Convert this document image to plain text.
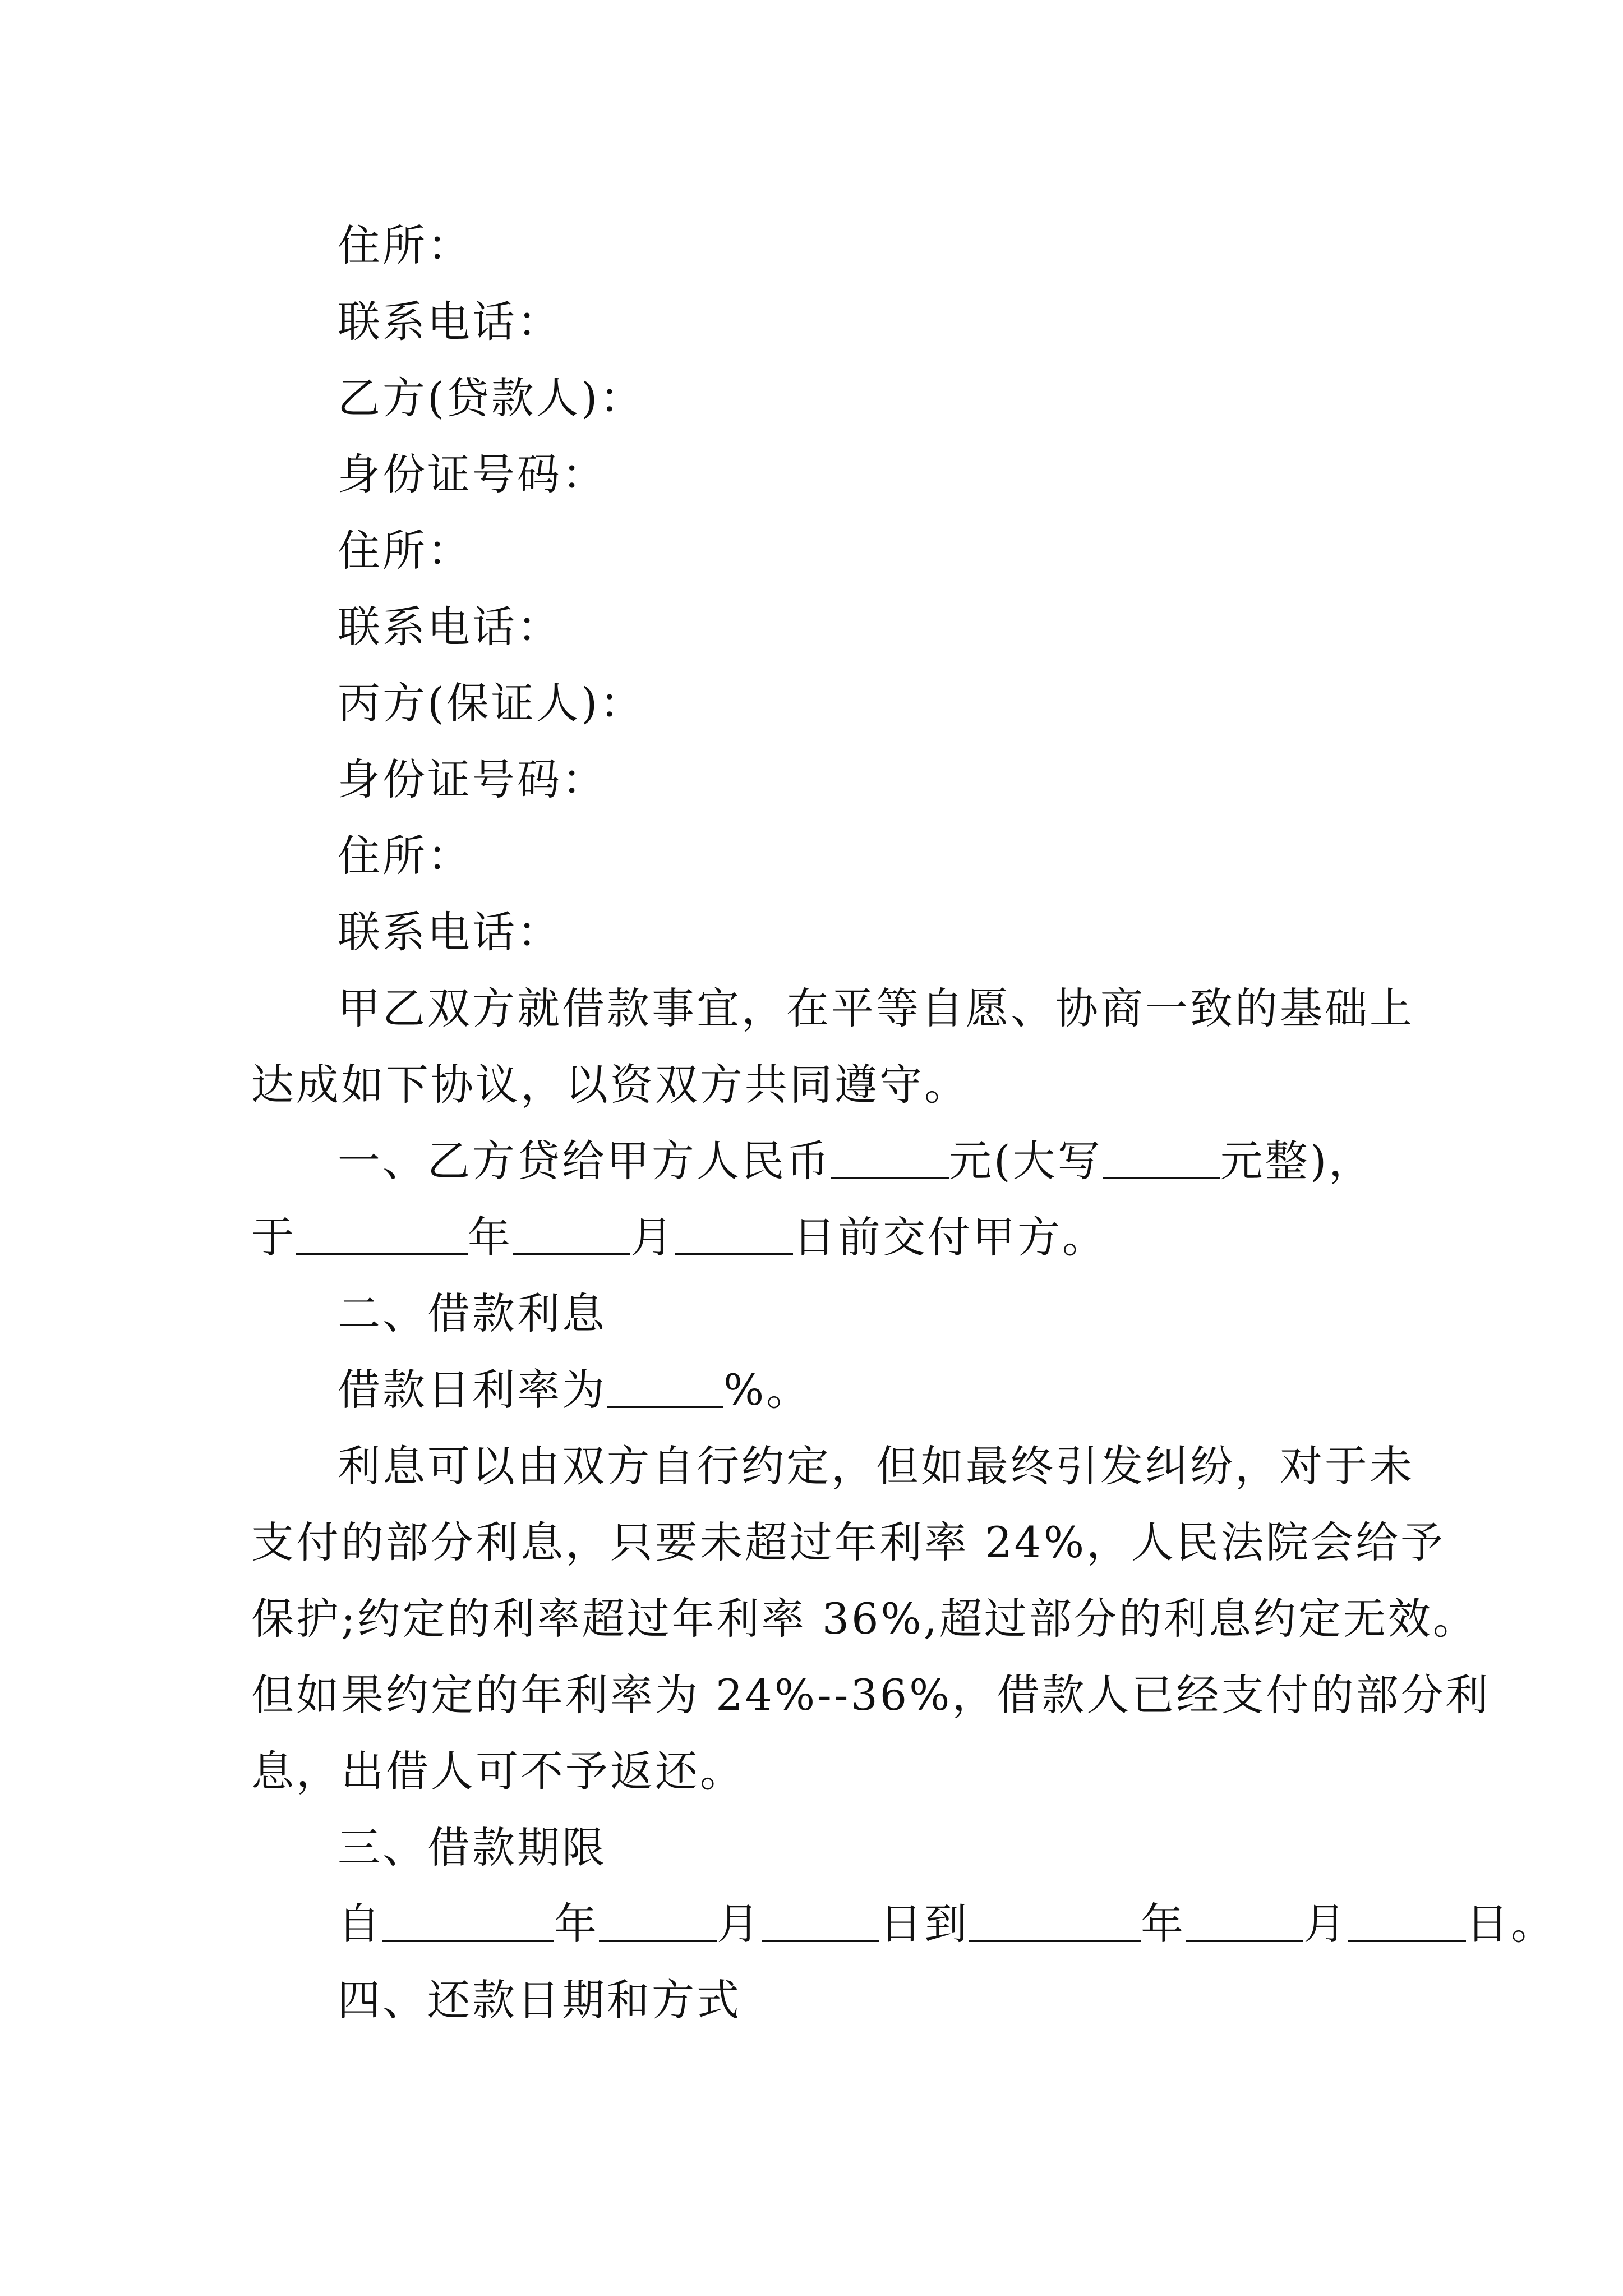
住所：
联系电话：
乙方(贷款人)：
身份证号码：
住所：
联系电话：
丙方(保证人)：
身份证号码：
住所：
联系电话：
甲乙双方就借款事宜，在平等自愿、协商一致的基础上
达成如下协议，以资双方共同遵守。
一、乙方贷给甲方人民币	元(大写	元整)，
于	年	月	日前交付甲方。
二、借款利息
借款日利率为	%。
利息可以由双方自行约定，但如最终引发纠纷，对于未
支付的部分利息，只要未超过年利率 24%，人民法院会给予
保护;约定的利率超过年利率 36%,超过部分的利息约定无效。
但如果约定的年利率为 24%--36%，借款人已经支付的部分利
息，出借人可不予返还。
三、借款期限
自	年	月	日到	年	月	日。
四、还款日期和方式
